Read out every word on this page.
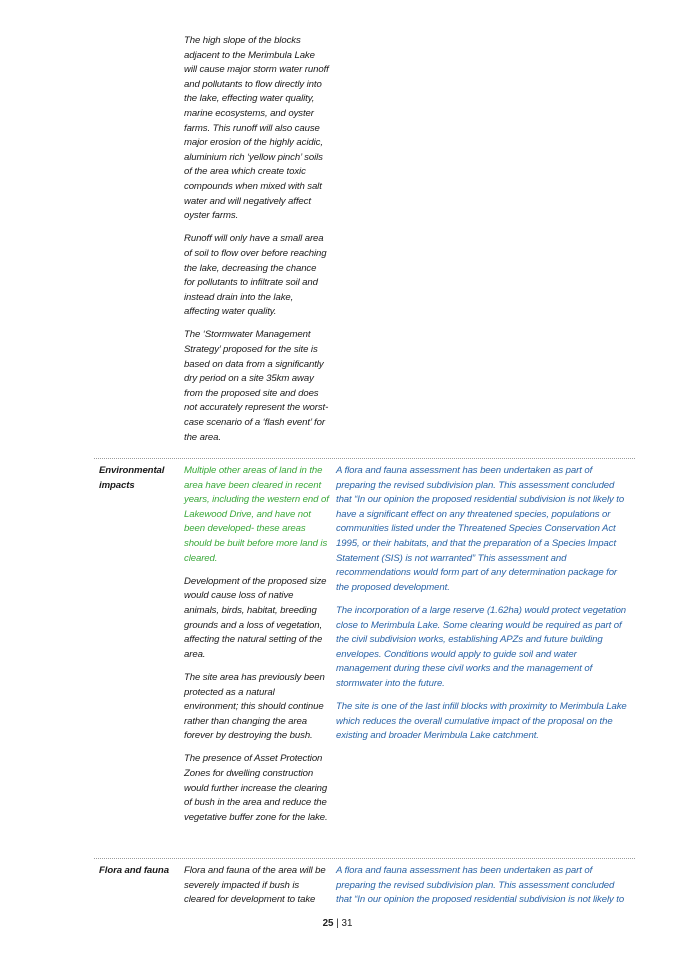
The high slope of the blocks adjacent to the Merimbula Lake will cause major storm water runoff and pollutants to flow directly into the lake, effecting water quality, marine ecosystems, and oyster farms. This runoff will also cause major erosion of the highly acidic, aluminium rich ‘yellow pinch’ soils of the area which create toxic compounds when mixed with salt water and will negatively affect oyster farms.

Runoff will only have a small area of soil to flow over before reaching the lake, decreasing the chance for pollutants to infiltrate soil and instead drain into the lake, affecting water quality.

The ‘Stormwater Management Strategy’ proposed for the site is based on data from a significantly dry period on a site 35km away from the proposed site and does not accurately represent the worst-case scenario of a ‘flash event’ for the area.

Environmental impacts

Multiple other areas of land in the area have been cleared in recent years, including the western end of Lakewood Drive, and have not been developed- these areas should be built before more land is cleared.

Development of the proposed size would cause loss of native animals, birds, habitat, breeding grounds and a loss of vegetation, affecting the natural setting of the area.

The site area has previously been protected as a natural environment; this should continue rather than changing the area forever by destroying the bush.

The presence of Asset Protection Zones for dwelling construction would further increase the clearing of bush in the area and reduce the vegetative buffer zone for the lake.

A flora and fauna assessment has been undertaken as part of preparing the revised subdivision plan. This assessment concluded that “In our opinion the proposed residential subdivision is not likely to have a significant effect on any threatened species, populations or communities listed under the Threatened Species Conservation Act 1995, or their habitats, and that the preparation of a Species Impact Statement (SIS) is not warranted” This assessment and recommendations would form part of any determination package for the proposed development.

The incorporation of a large reserve (1.62ha) would protect vegetation close to Merimbula Lake. Some clearing would be required as part of the civil subdivision works, establishing APZs and future building envelopes. Conditions would apply to guide soil and water management during these civil works and the management of stormwater into the future.

The site is one of the last infill blocks with proximity to Merimbula Lake which reduces the overall cumulative impact of the proposal on the existing and broader Merimbula Lake catchment.

Flora and fauna	Flora and fauna of the area will be severely impacted if bush is cleared for development to take

A flora and fauna assessment has been undertaken as part of preparing the revised subdivision plan. This assessment concluded that “In our opinion the proposed residential subdivision is not likely to

25 | 31
